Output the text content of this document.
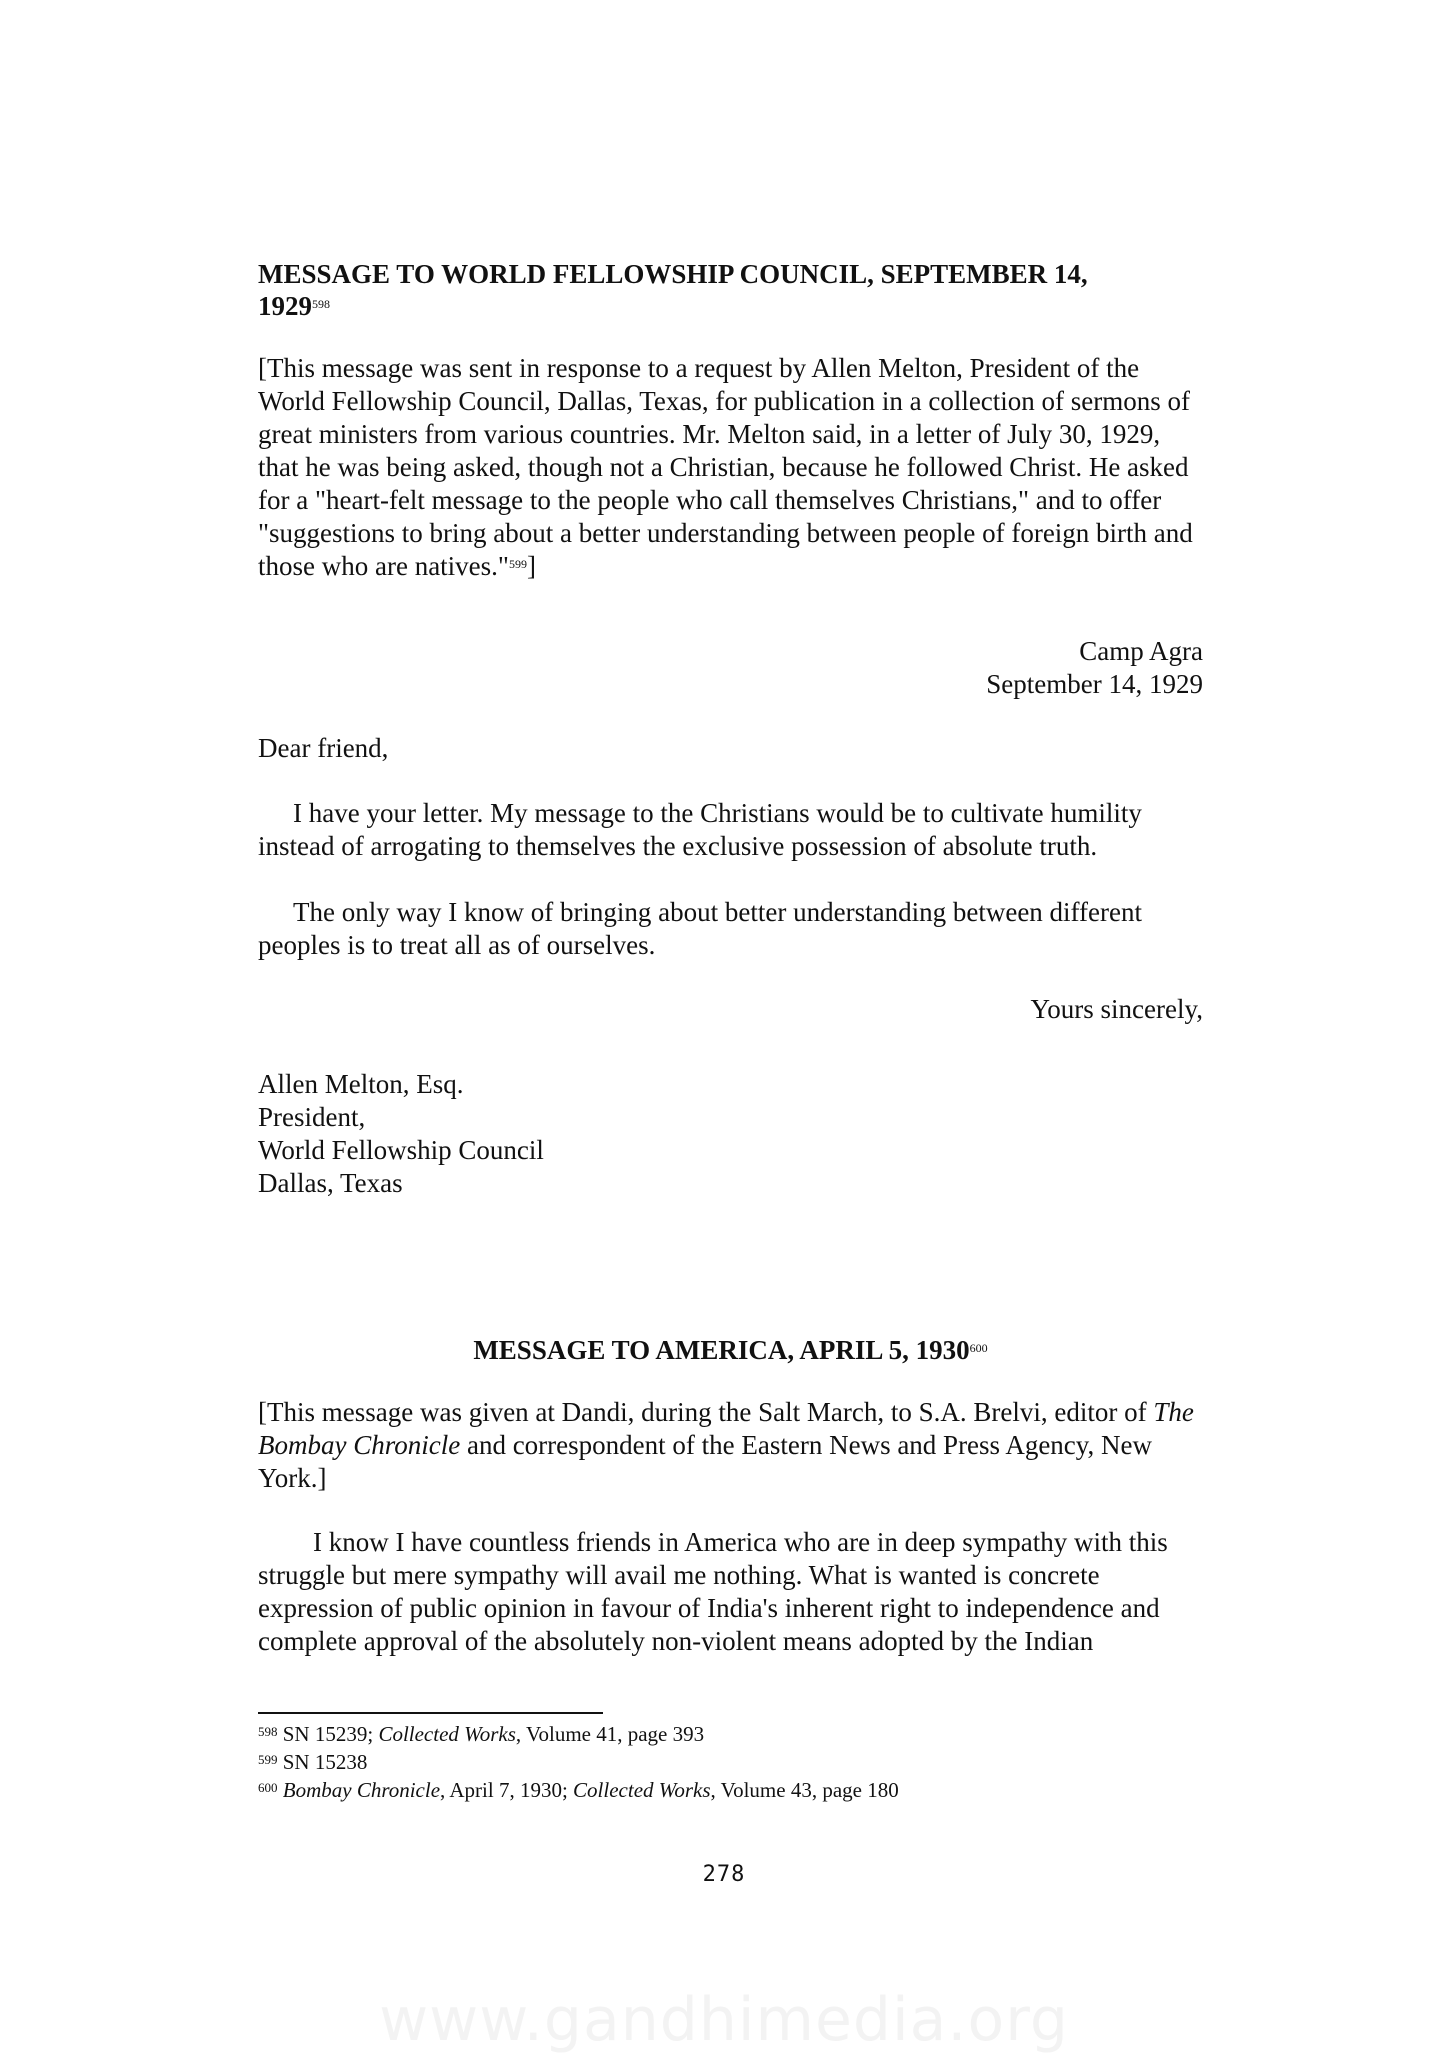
MESSAGE TO WORLD FELLOWSHIP COUNCIL, SEPTEMBER 14,
1929$^{598}$

[This message was sent in response to a request by Allen Melton, President of the World Fellowship Council, Dallas, Texas, for publication in a collection of sermons of great ministers from various countries. Mr. Melton said, in a letter of July 30, 1929, that he was being asked, though not a Christian, because he followed Christ. He asked for a "heart-felt message to the people who call themselves Christians," and to offer "suggestions to bring about a better understanding between people of foreign birth and those who are natives."$^{599}$]

Camp Agra

September 14, 1929

Dear friend,

I have your letter. My message to the Christians would be to cultivate humility instead of arrogating to themselves the exclusive possession of absolute truth.

The only way I know of bringing about better understanding between different peoples is to treat all as of ourselves.

Yours sincerely,

Allen Melton, Esq.

President,

World Fellowship Council

Dallas, Texas

MESSAGE TO AMERICA, APRIL 5, 1930$^{600}$

[This message was given at Dandi, during the Salt March, to S.A. Brelvi, editor of The Bombay Chronicle and correspondent of the Eastern News and Press Agency, New York.]

I know I have countless friends in America who are in deep sympathy with this struggle but mere sympathy will avail me nothing. What is wanted is concrete expression of public opinion in favour of India's inherent right to independence and complete approval of the absolutely non-violent means adopted by the Indian

$^{598}$ SN 15239; Collected Works, Volume 41, page 393
$^{599}$ SN 15238
$^{600}$ Bombay Chronicle, April 7, 1930; Collected Works, Volume 43, page 180
278
www.gandhimedia.org
